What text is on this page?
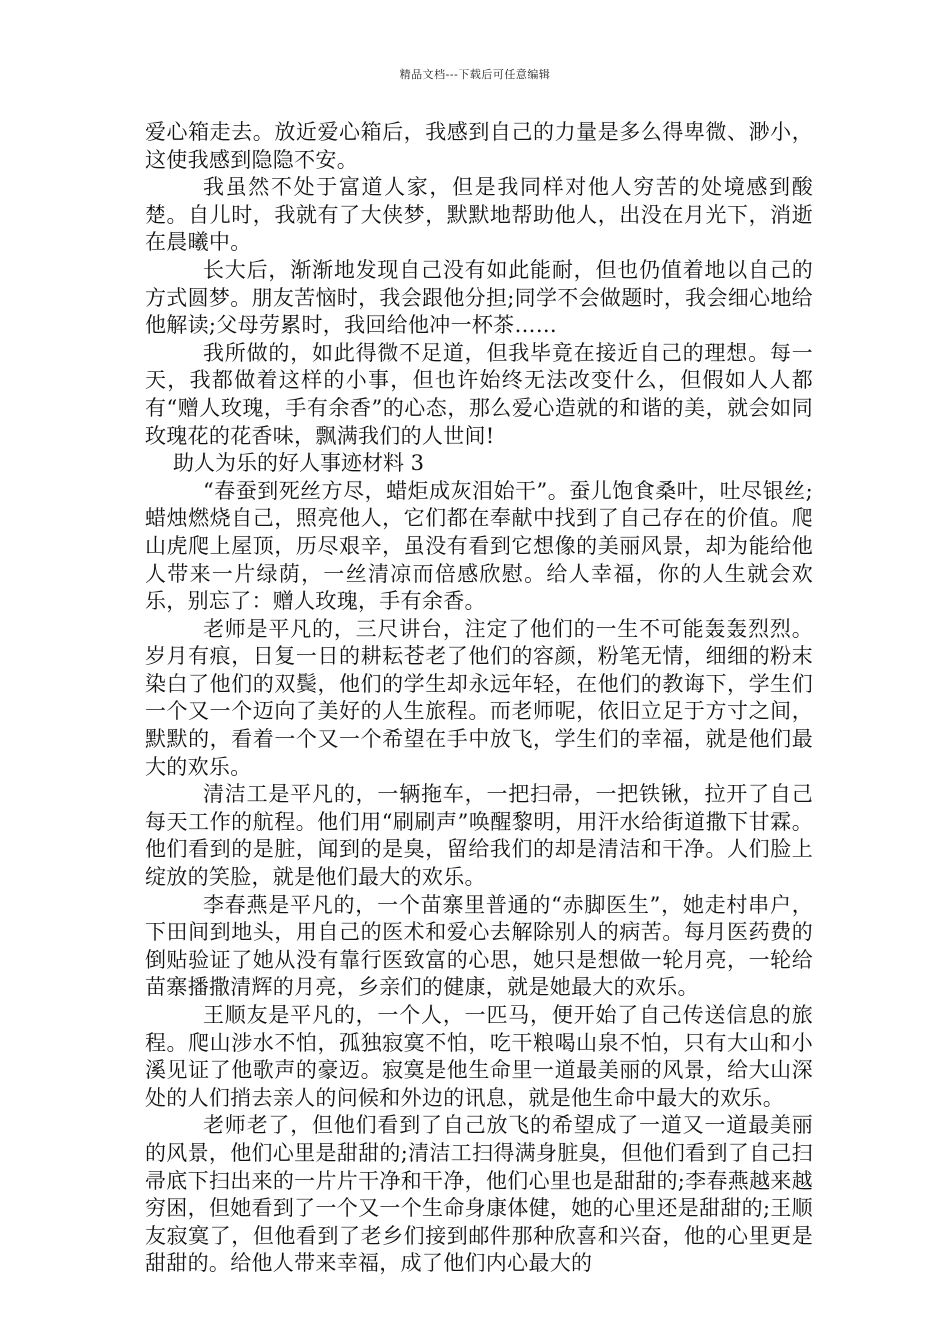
精品文档---下载后可任意编辑

爱心箱走去。放近爱心箱后，我感到自己的力量是多么得卑微、渺小，这使我感到隐隐不安。

我虽然不处于富道人家，但是我同样对他人穷苦的处境感到酸楚。自儿时，我就有了大侠梦，默默地帮助他人，出没在月光下，消逝在晨曦中。

长大后，渐渐地发现自己没有如此能耐，但也仍值着地以自己的方式圆梦。朋友苦恼时，我会跟他分担;同学不会做题时，我会细心地给他解读;父母劳累时，我回给他冲一杯茶……

我所做的，如此得微不足道，但我毕竟在接近自己的理想。每一天，我都做着这样的小事，但也许始终无法改变什么，但假如人人都有“赠人玫瑰，手有余香”的心态，那么爱心造就的和谐的美，就会如同玫瑰花的花香味，飘满我们的人世间!

助人为乐的好人事迹材料 3

“春蚕到死丝方尽，蜡炬成灰泪始干”。蚕儿饱食桑叶，吐尽银丝;蜡烛燃烧自己，照亮他人，它们都在奉献中找到了自己存在的价值。爬山虎爬上屋顶，历尽艰辛，虽没有看到它想像的美丽风景，却为能给他人带来一片绿荫，一丝清凉而倍感欣慰。给人幸福，你的人生就会欢乐，别忘了：赠人玫瑰，手有余香。

老师是平凡的，三尺讲台，注定了他们的一生不可能轰轰烈烈。岁月有痕，日复一日的耕耘苍老了他们的容颜，粉笔无情，细细的粉末染白了他们的双鬓，他们的学生却永远年轻，在他们的教诲下，学生们一个又一个迈向了美好的人生旅程。而老师呢，依旧立足于方寸之间，默默的，看着一个又一个希望在手中放飞，学生们的幸福，就是他们最大的欢乐。

清洁工是平凡的，一辆拖车，一把扫帚，一把铁锹，拉开了自己每天工作的航程。他们用“刷刷声”唤醒黎明，用汗水给街道撒下甘霖。他们看到的是脏，闻到的是臭，留给我们的却是清洁和干净。人们脸上绽放的笑脸，就是他们最大的欢乐。

李春燕是平凡的，一个苗寨里普通的“赤脚医生”，她走村串户，下田间到地头，用自己的医术和爱心去解除别人的病苦。每月医药费的倒贴验证了她从没有靠行医致富的心思，她只是想做一轮月亮，一轮给苗寨播撒清辉的月亮，乡亲们的健康，就是她最大的欢乐。

王顺友是平凡的，一个人，一匹马，便开始了自己传送信息的旅程。爬山涉水不怕，孤独寂寞不怕，吃干粮喝山泉不怕，只有大山和小溪见证了他歌声的豪迈。寂寞是他生命里一道最美丽的风景，给大山深处的人们捎去亲人的问候和外边的讯息，就是他生命中最大的欢乐。

老师老了，但他们看到了自己放飞的希望成了一道又一道最美丽的风景，他们心里是甜甜的;清洁工扫得满身脏臭，但他们看到了自己扫帚底下扫出来的一片片干净和干净，他们心里也是甜甜的;李春燕越来越穷困，但她看到了一个又一个生命身康体健，她的心里还是甜甜的;王顺友寂寞了，但他看到了老乡们接到邮件那种欣喜和兴奋，他的心里更是甜甜的。给他人带来幸福，成了他们内心最大的
